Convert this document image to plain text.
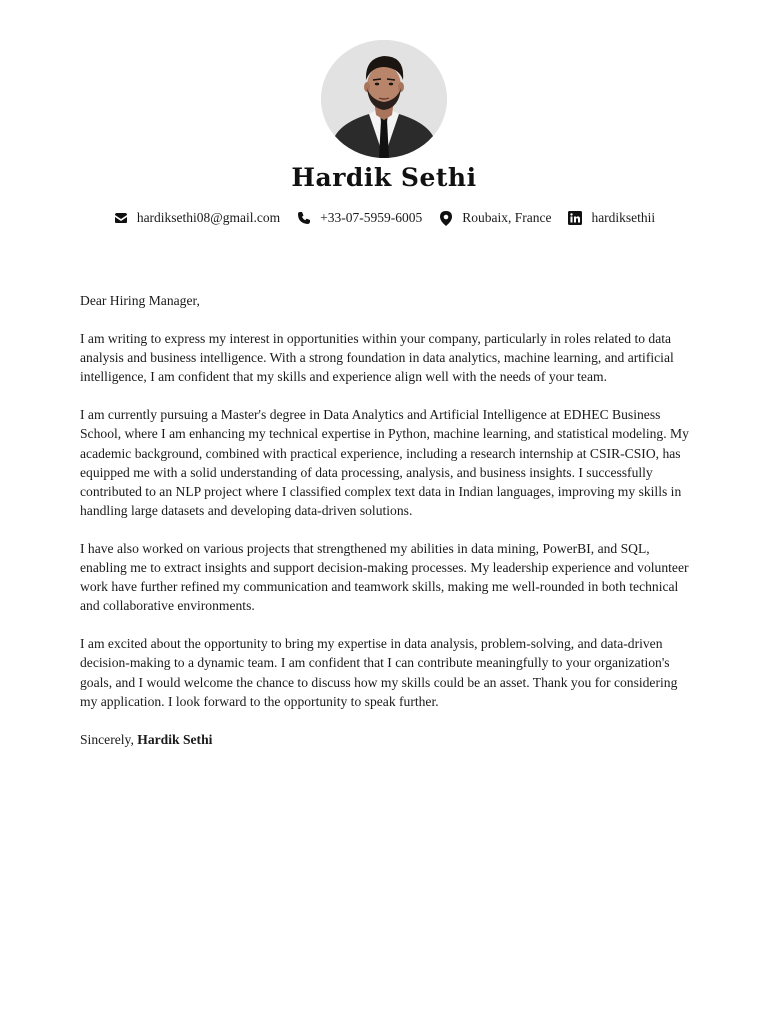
Hardik Sethi
hardiksethi08@gmail.com	+33-07-5959-6005	Roubaix, France	hardiksethii

Dear Hiring Manager,

I am writing to express my interest in opportunities within your company, particularly in roles related to data analysis and business intelligence. With a strong foundation in data analytics, machine learning, and artificial intelligence, I am confident that my skills and experience align well with the needs of your team.

I am currently pursuing a Master's degree in Data Analytics and Artificial Intelligence at EDHEC Business School, where I am enhancing my technical expertise in Python, machine learning, and statistical modeling. My academic background, combined with practical experience, including a research internship at CSIR-CSIO, has equipped me with a solid understanding of data processing, analysis, and business insights. I successfully contributed to an NLP project where I classified complex text data in Indian languages, improving my skills in handling large datasets and developing data-driven solutions.

I have also worked on various projects that strengthened my abilities in data mining, PowerBI, and SQL, enabling me to extract insights and support decision-making processes. My leadership experience and volunteer work have further refined my communication and teamwork skills, making me well-rounded in both technical and collaborative environments.

I am excited about the opportunity to bring my expertise in data analysis, problem-solving, and data-driven decision-making to a dynamic team. I am confident that I can contribute meaningfully to your organization's goals, and I would welcome the chance to discuss how my skills could be an asset. Thank you for considering my application. I look forward to the opportunity to speak further.

Sincerely, Hardik Sethi
